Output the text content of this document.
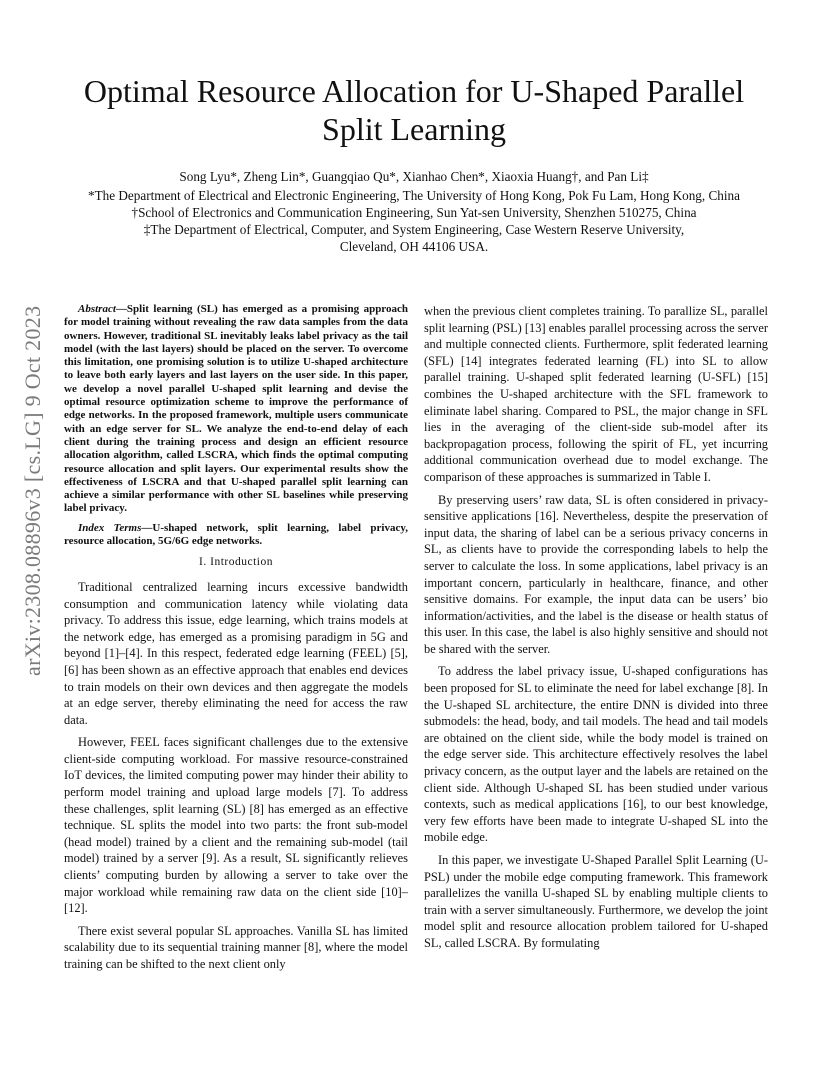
arXiv:2308.08896v3 [cs.LG] 9 Oct 2023
Optimal Resource Allocation for U-Shaped Parallel Split Learning
Song Lyu*, Zheng Lin*, Guangqiao Qu*, Xianhao Chen*, Xiaoxia Huang†, and Pan Li‡
*The Department of Electrical and Electronic Engineering, The University of Hong Kong, Pok Fu Lam, Hong Kong, China
†School of Electronics and Communication Engineering, Sun Yat-sen University, Shenzhen 510275, China
‡The Department of Electrical, Computer, and System Engineering, Case Western Reserve University,
Cleveland, OH 44106 USA.

Abstract—Split learning (SL) has emerged as a promising approach for model training without revealing the raw data samples from the data owners. However, traditional SL inevitably leaks label privacy as the tail model (with the last layers) should be placed on the server. To overcome this limitation, one promising solution is to utilize U-shaped architecture to leave both early layers and last layers on the user side. In this paper, we develop a novel parallel U-shaped split learning and devise the optimal resource optimization scheme to improve the performance of edge networks. In the proposed framework, multiple users communicate with an edge server for SL. We analyze the end-to-end delay of each client during the training process and design an efficient resource allocation algorithm, called LSCRA, which finds the optimal computing resource allocation and split layers. Our experimental results show the effectiveness of LSCRA and that U-shaped parallel split learning can achieve a similar performance with other SL baselines while preserving label privacy.

Index Terms—U-shaped network, split learning, label privacy, resource allocation, 5G/6G edge networks.

I. Introduction

Traditional centralized learning incurs excessive bandwidth consumption and communication latency while violating data privacy. To address this issue, edge learning, which trains models at the network edge, has emerged as a promising paradigm in 5G and beyond [1]–[4]. In this respect, federated edge learning (FEEL) [5], [6] has been shown as an effective approach that enables end devices to train models on their own devices and then aggregate the models at an edge server, thereby eliminating the need for access the raw data.

However, FEEL faces significant challenges due to the extensive client-side computing workload. For massive resource-constrained IoT devices, the limited computing power may hinder their ability to perform model training and upload large models [7]. To address these challenges, split learning (SL) [8] has emerged as an effective technique. SL splits the model into two parts: the front sub-model (head model) trained by a client and the remaining sub-model (tail model) trained by a server [9]. As a result, SL significantly relieves clients’ computing burden by allowing a server to take over the major workload while remaining raw data on the client side [10]–[12].

There exist several popular SL approaches. Vanilla SL has limited scalability due to its sequential training manner [8], where the model training can be shifted to the next client only

when the previous client completes training. To parallize SL, parallel split learning (PSL) [13] enables parallel processing across the server and multiple connected clients. Furthermore, split federated learning (SFL) [14] integrates federated learning (FL) into SL to allow parallel training. U-shaped split federated learning (U-SFL) [15] combines the U-shaped architecture with the SFL framework to eliminate label sharing. Compared to PSL, the major change in SFL lies in the averaging of the client-side sub-model after its backpropagation process, following the spirit of FL, yet incurring additional communication overhead due to model exchange. The comparison of these approaches is summarized in Table I.

By preserving users’ raw data, SL is often considered in privacy-sensitive applications [16]. Nevertheless, despite the preservation of input data, the sharing of label can be a serious privacy concerns in SL, as clients have to provide the corresponding labels to help the server to calculate the loss. In some applications, label privacy is an important concern, particularly in healthcare, finance, and other sensitive domains. For example, the input data can be users’ bio information/activities, and the label is the disease or health status of this user. In this case, the label is also highly sensitive and should not be shared with the server.

To address the label privacy issue, U-shaped configurations has been proposed for SL to eliminate the need for label exchange [8]. In the U-shaped SL architecture, the entire DNN is divided into three submodels: the head, body, and tail models. The head and tail models are obtained on the client side, while the body model is trained on the edge server side. This architecture effectively resolves the label privacy concern, as the output layer and the labels are retained on the client side. Although U-shaped SL has been studied under various contexts, such as medical applications [16], to our best knowledge, very few efforts have been made to integrate U-shaped SL into the mobile edge.

In this paper, we investigate U-Shaped Parallel Split Learning (U-PSL) under the mobile edge computing framework. This framework parallelizes the vanilla U-shaped SL by enabling multiple clients to train with a server simultaneously. Furthermore, we develop the joint model split and resource allocation problem tailored for U-shaped SL, called LSCRA. By formulating
